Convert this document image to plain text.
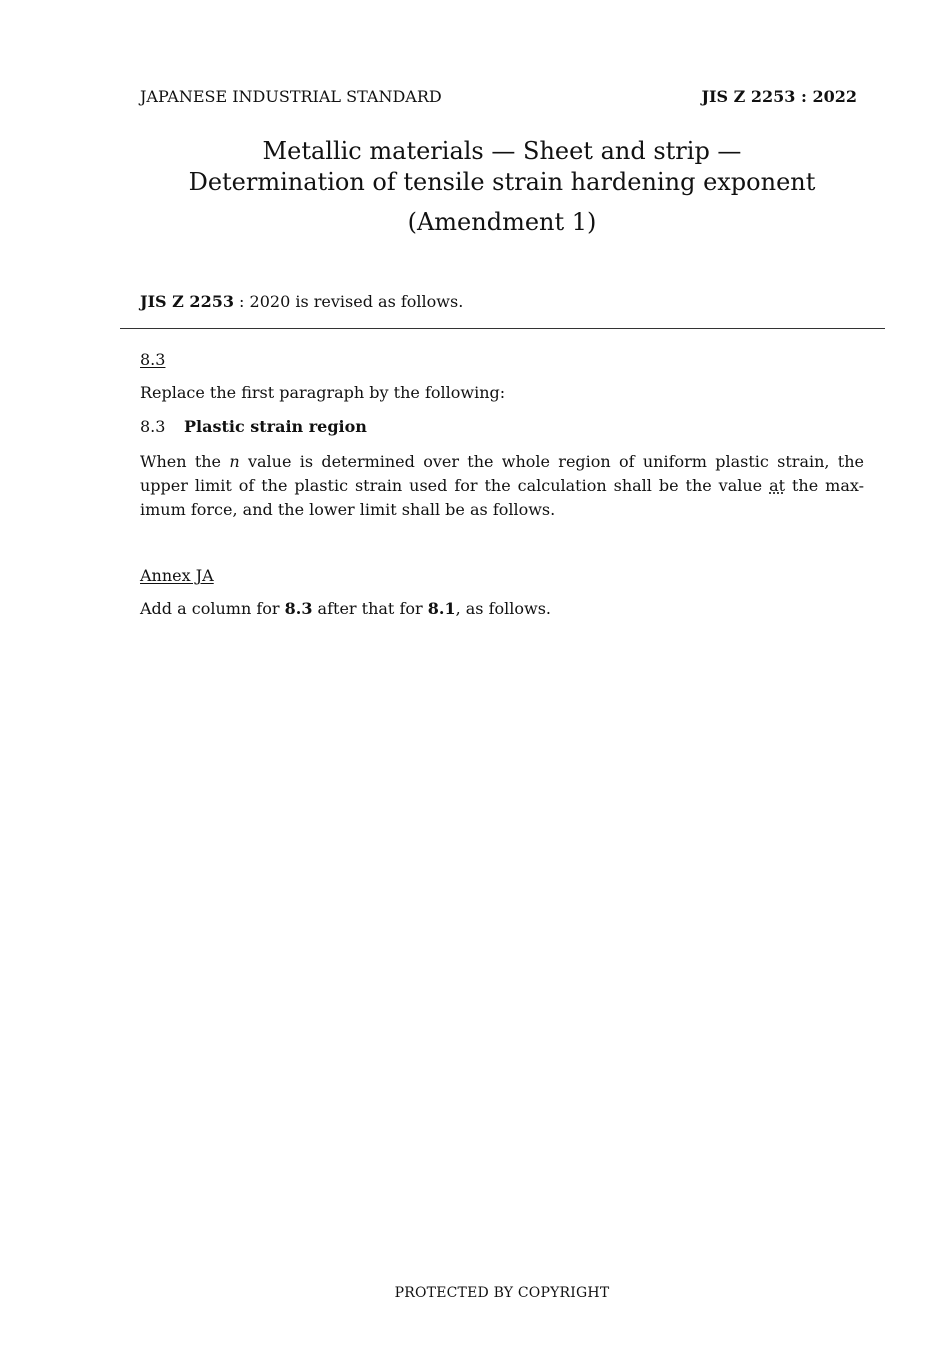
JAPANESE INDUSTRIAL STANDARD	JIS Z 2253 : 2022
Metallic materials — Sheet and strip —
Determination of tensile strain hardening exponent
(Amendment 1)
JIS Z 2253 : 2020 is revised as follows.
8.3
Replace the first paragraph by the following:
8.3 Plastic strain region

When the n value is determined over the whole region of uniform plastic strain, the upper limit of the plastic strain used for the calculation shall be the value at the max- imum force, and the lower limit shall be as follows.

Annex JA
Add a column for 8.3 after that for 8.1, as follows.
PROTECTED BY COPYRIGHT
